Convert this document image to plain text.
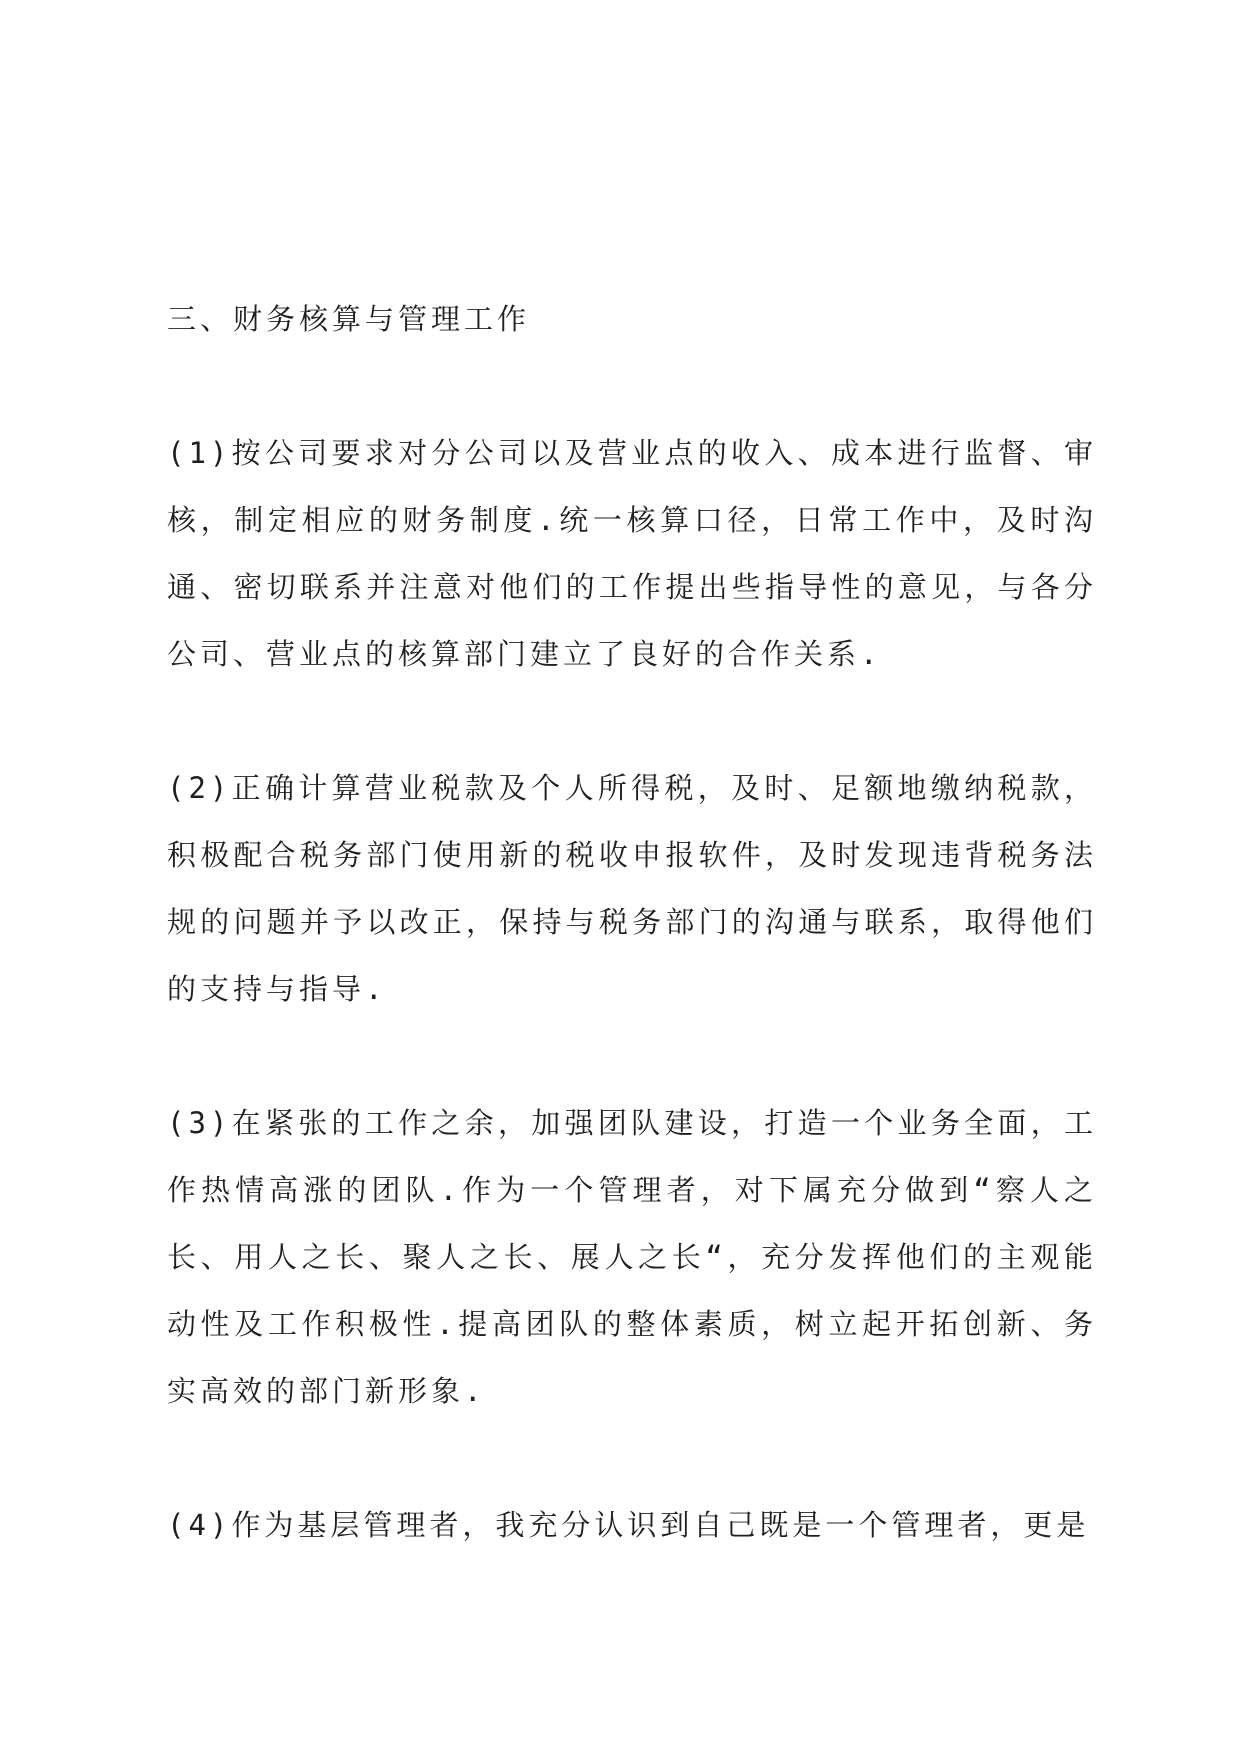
三、财务核算与管理工作

(1)按公司要求对分公司以及营业点的收入、成本进行监督、审核，制定相应的财务制度.统一核算口径，日常工作中，及时沟通、密切联系并注意对他们的工作提出些指导性的意见，与各分公司、营业点的核算部门建立了良好的合作关系.

(2)正确计算营业税款及个人所得税，及时、足额地缴纳税款，积极配合税务部门使用新的税收申报软件，及时发现违背税务法规的问题并予以改正，保持与税务部门的沟通与联系，取得他们的支持与指导.

(3)在紧张的工作之余，加强团队建设，打造一个业务全面，工作热情高涨的团队.作为一个管理者，对下属充分做到“察人之长、用人之长、聚人之长、展人之长“，充分发挥他们的主观能动性及工作积极性.提高团队的整体素质，树立起开拓创新、务实高效的部门新形象.

(4)作为基层管理者，我充分认识到自己既是一个管理者，更是
